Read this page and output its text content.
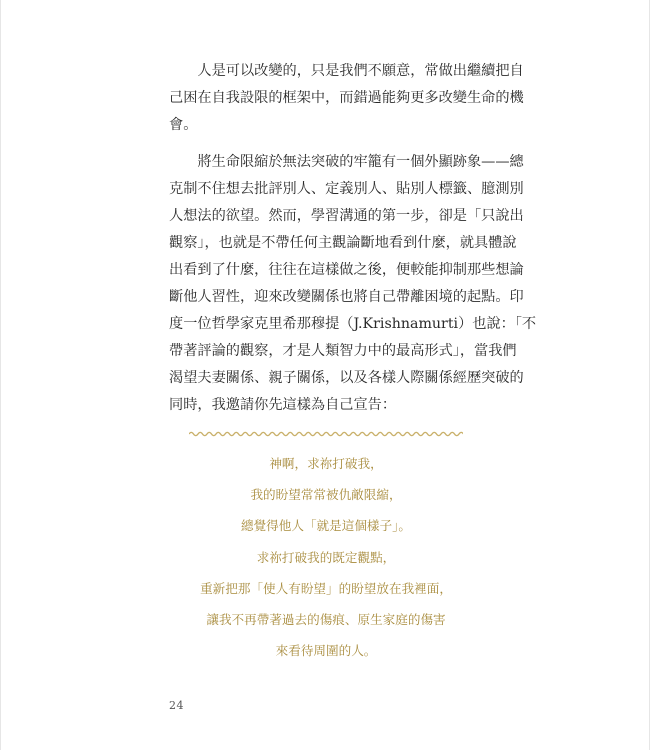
　　人是可以改變的，只是我們不願意，常做出繼續把自
己困在自我設限的框架中，而錯過能夠更多改變生命的機
會。
　　將生命限縮於無法突破的牢籠有一個外顯跡象——總
克制不住想去批評別人、定義別人、貼別人標籤、臆測別
人想法的欲望。然而，學習溝通的第一步，卻是「只說出
觀察」，也就是不帶任何主觀論斷地看到什麼，就具體說
出看到了什麼，往往在這樣做之後，便較能抑制那些想論
斷他人習性，迎來改變關係也將自己帶離困境的起點。印
度一位哲學家克里希那穆提（J.Krishnamurti）也說：「不
帶著評論的觀察，才是人類智力中的最高形式」，當我們
渴望夫妻關係、親子關係，以及各樣人際關係經歷突破的
同時，我邀請你先這樣為自己宣告：
神啊，求祢打破我，
我的盼望常常被仇敵限縮，
總覺得他人「就是這個樣子」。
求祢打破我的既定觀點，
重新把那「使人有盼望」的盼望放在我裡面，
讓我不再帶著過去的傷痕、原生家庭的傷害
來看待周圍的人。
24
